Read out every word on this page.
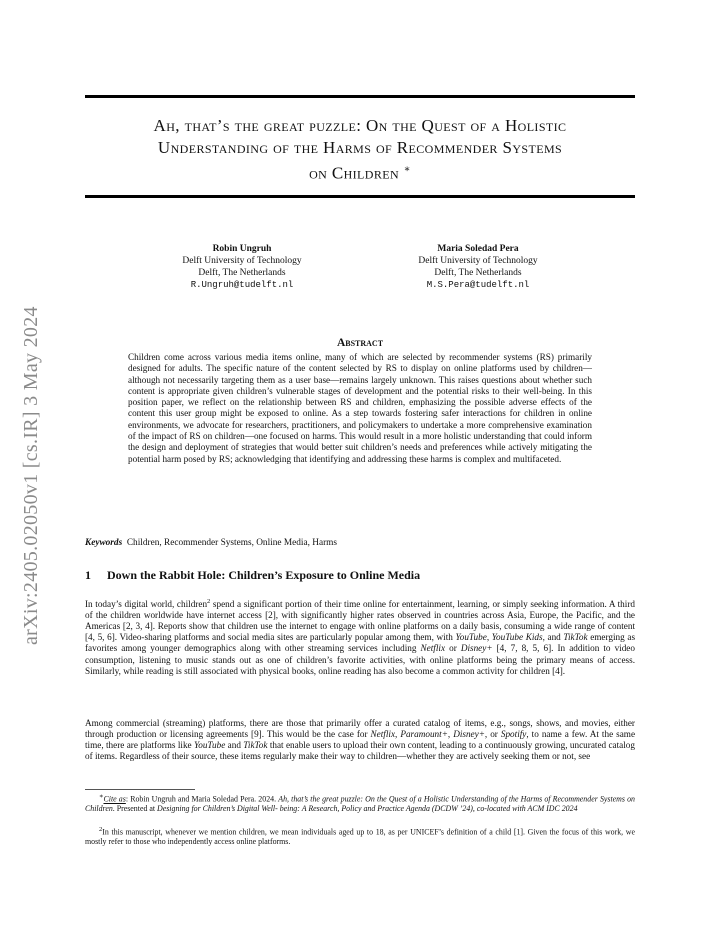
arXiv:2405.02050v1 [cs.IR] 3 May 2024
Ah, that’s the great puzzle: On the Quest of a Holistic
Understanding of the Harms of Recommender Systems
on Children ∗
Robin Ungruh
Delft University of Technology
Delft, The Netherlands
R.Ungruh@tudelft.nl
Maria Soledad Pera
Delft University of Technology
Delft, The Netherlands
M.S.Pera@tudelft.nl
Abstract
Children come across various media items online, many of which are selected by recommender systems (RS) primarily designed for adults. The specific nature of the content selected by RS to display on online platforms used by children—although not necessarily targeting them as a user base—remains largely unknown. This raises questions about whether such content is appropriate given children’s vulnerable stages of development and the potential risks to their well-being. In this position paper, we reflect on the relationship between RS and children, emphasizing the possible adverse effects of the content this user group might be exposed to online. As a step towards fostering safer interactions for children in online environments, we advocate for researchers, practitioners, and policymakers to undertake a more comprehensive examination of the impact of RS on children—one focused on harms. This would result in a more holistic understanding that could inform the design and deployment of strategies that would better suit children’s needs and preferences while actively mitigating the potential harm posed by RS; acknowledging that identifying and addressing these harms is complex and multifaceted.
Keywords Children, Recommender Systems, Online Media, Harms
1 Down the Rabbit Hole: Children’s Exposure to Online Media
In today’s digital world, children$^2$ spend a significant portion of their time online for entertainment, learning, or simply seeking information. A third of the children worldwide have internet access [2], with significantly higher rates observed in countries across Asia, Europe, the Pacific, and the Americas [2, 3, 4]. Reports show that children use the internet to engage with online platforms on a daily basis, consuming a wide range of content [4, 5, 6]. Video-sharing platforms and social media sites are particularly popular among them, with YouTube, YouTube Kids, and TikTok emerging as favorites among younger demographics along with other streaming services including Netflix or Disney+ [4, 7, 8, 5, 6]. In addition to video consumption, listening to music stands out as one of children’s favorite activities, with online platforms being the primary means of access. Similarly, while reading is still associated with physical books, online reading has also become a common activity for children [4].
Among commercial (streaming) platforms, there are those that primarily offer a curated catalog of items, e.g., songs, shows, and movies, either through production or licensing agreements [9]. This would be the case for Netflix, Paramount+, Disney+, or Spotify, to name a few. At the same time, there are platforms like YouTube and TikTok that enable users to upload their own content, leading to a continuously growing, uncurated catalog of items. Regardless of their source, these items regularly make their way to children—whether they are actively seeking them or not, see
∗Cite as: Robin Ungruh and Maria Soledad Pera. 2024. Ah, that’s the great puzzle: On the Quest of a Holistic Understanding of the Harms of Recommender Systems on Children. Presented at Designing for Children’s Digital Well- being: A Research, Policy and Practice Agenda (DCDW ’24), co-located with ACM IDC 2024
$^2$In this manuscript, whenever we mention children, we mean individuals aged up to 18, as per UNICEF’s definition of a child [1]. Given the focus of this work, we mostly refer to those who independently access online platforms.
